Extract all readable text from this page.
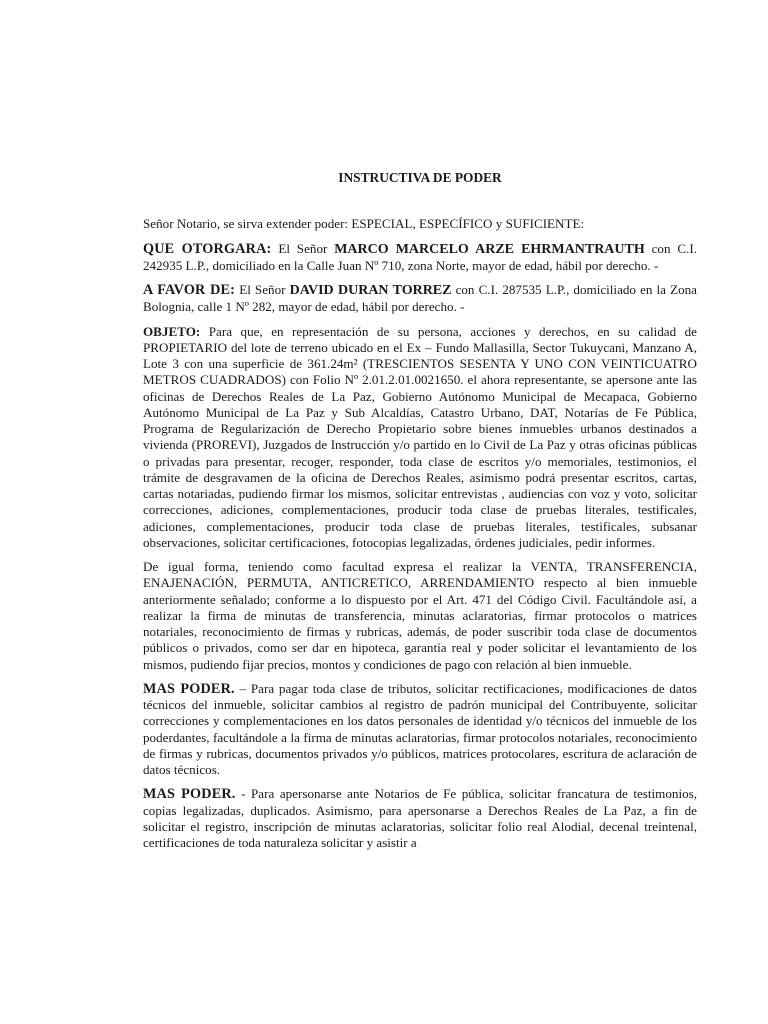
INSTRUCTIVA DE PODER

Señor Notario, se sirva extender poder: ESPECIAL, ESPECÍFICO y SUFICIENTE:

QUE OTORGARA: El Señor MARCO MARCELO ARZE EHRMANTRAUTH con C.I. 242935 L.P., domiciliado en la Calle Juan Nº 710, zona Norte, mayor de edad, hábil por derecho. -

A FAVOR DE: El Señor DAVID DURAN TORREZ con C.I. 287535 L.P., domiciliado en la Zona Bolognia, calle 1 Nº 282, mayor de edad, hábil por derecho. -

OBJETO: Para que, en representación de su persona, acciones y derechos, en su calidad de PROPIETARIO del lote de terreno ubicado en el Ex – Fundo Mallasilla, Sector Tukuycani, Manzano A, Lote 3 con una superficie de 361.24m² (TRESCIENTOS SESENTA Y UNO CON VEINTICUATRO METROS CUADRADOS) con Folio Nº 2.01.2.01.0021650. el ahora representante, se apersone ante las oficinas de Derechos Reales de La Paz, Gobierno Autónomo Municipal de Mecapaca, Gobierno Autónomo Municipal de La Paz y Sub Alcaldías, Catastro Urbano, DAT, Notarías de Fe Pública, Programa de Regularización de Derecho Propietario sobre bienes inmuebles urbanos destinados a vivienda (PROREVI), Juzgados de Instrucción y/o partido en lo Civil de La Paz y otras oficinas públicas o privadas para presentar, recoger, responder, toda clase de escritos y/o memoriales, testimonios, el trámite de desgravamen de la oficina de Derechos Reales, asimismo podrá presentar escritos, cartas, cartas notariadas, pudiendo firmar los mismos, solicitar entrevistas , audiencias con voz y voto, solicitar correcciones, adiciones, complementaciones, producir toda clase de pruebas literales, testificales, adiciones, complementaciones, producir toda clase de pruebas literales, testificales, subsanar observaciones, solicitar certificaciones, fotocopias legalizadas, órdenes judiciales, pedir informes.

De igual forma, teniendo como facultad expresa el realizar la VENTA, TRANSFERENCIA, ENAJENACIÓN, PERMUTA, ANTICRETICO, ARRENDAMIENTO respecto al bien inmueble anteriormente señalado; conforme a lo dispuesto por el Art. 471 del Código Civil. Facultándole así, a realizar la firma de minutas de transferencia, minutas aclaratorias, firmar protocolos o matrices notariales, reconocimiento de firmas y rubricas, además, de poder suscribir toda clase de documentos públicos o privados, como ser dar en hipoteca, garantía real y poder solicitar el levantamiento de los mismos, pudiendo fijar precios, montos y condiciones de pago con relación al bien inmueble.

MAS PODER. – Para pagar toda clase de tributos, solicitar rectificaciones, modificaciones de datos técnicos del inmueble, solicitar cambios al registro de padrón municipal del Contribuyente, solicitar correcciones y complementaciones en los datos personales de identidad y/o técnicos del inmueble de los poderdantes, facultándole a la firma de minutas aclaratorias, firmar protocolos notariales, reconocimiento de firmas y rubricas, documentos privados y/o públicos, matrices protocolares, escritura de aclaración de datos técnicos.

MAS PODER. - Para apersonarse ante Notarios de Fe pública, solicitar francatura de testimonios, copias legalizadas, duplicados. Asimismo, para apersonarse a Derechos Reales de La Paz, a fin de solicitar el registro, inscripción de minutas aclaratorias, solicitar folio real Alodial, decenal treintenal, certificaciones de toda naturaleza solicitar y asistir a
